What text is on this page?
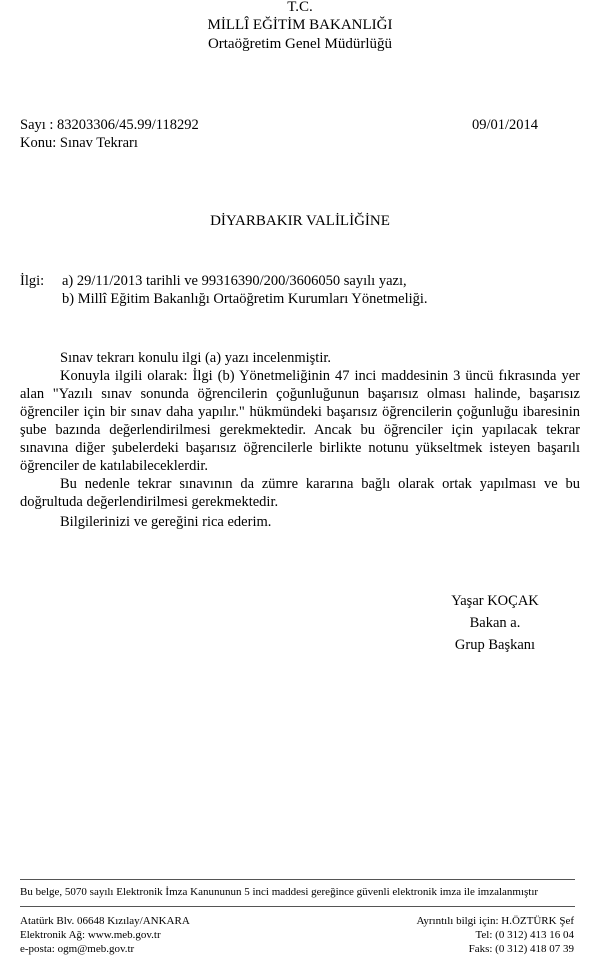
T.C.
MİLLÎ EĞİTİM BAKANLIĞI
Ortaöğretim Genel Müdürlüğü
Sayı : 83203306/45.99/118292	09/01/2014
Konu: Sınav Tekrarı
DİYARBAKIR VALİLİĞİNE
İlgi: a) 29/11/2013 tarihli ve 99316390/200/3606050 sayılı yazı,
b) Millî Eğitim Bakanlığı Ortaöğretim Kurumları Yönetmeliği.

Sınav tekrarı konulu ilgi (a) yazı incelenmiştir.

Konuyla ilgili olarak: İlgi (b) Yönetmeliğinin 47 inci maddesinin 3 üncü fıkrasında yer alan "Yazılı sınav sonunda öğrencilerin çoğunluğunun başarısız olması halinde, başarısız öğrenciler için bir sınav daha yapılır." hükmündeki başarısız öğrencilerin çoğunluğu ibaresinin şube bazında değerlendirilmesi gerekmektedir. Ancak bu öğrenciler için yapılacak tekrar sınavına diğer şubelerdeki başarısız öğrencilerle birlikte notunu yükseltmek isteyen başarılı öğrenciler de katılabileceklerdir.

Bu nedenle tekrar sınavının da zümre kararına bağlı olarak ortak yapılması ve bu doğrultuda değerlendirilmesi gerekmektedir.

Bilgilerinizi ve gereğini rica ederim.

Yaşar KOÇAK
Bakan a.
Grup Başkanı
Bu belge, 5070 sayılı Elektronik İmza Kanununun 5 inci maddesi gereğince güvenli elektronik imza ile imzalanmıştır
Atatürk Blv. 06648 Kızılay/ANKARA
Elektronik Ağ: www.meb.gov.tr
e-posta: ogm@meb.gov.tr
Ayrıntılı bilgi için: H.ÖZTÜRK Şef
Tel: (0 312) 413 16 04
Faks: (0 312) 418 07 39
